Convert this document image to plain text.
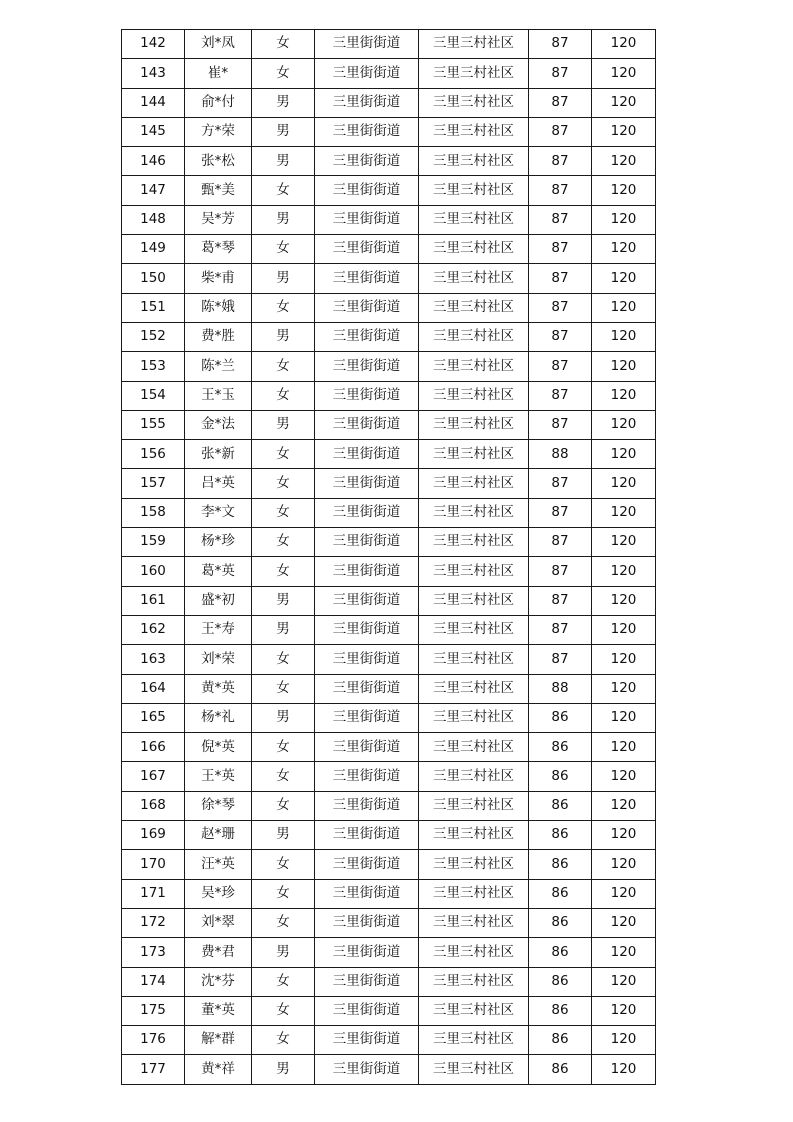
142	刘*凤	女	三里街街道	三里三村社区	87	120
143	崔*	女	三里街街道	三里三村社区	87	120
144	俞*付	男	三里街街道	三里三村社区	87	120
145	方*荣	男	三里街街道	三里三村社区	87	120
146	张*松	男	三里街街道	三里三村社区	87	120
147	甄*美	女	三里街街道	三里三村社区	87	120
148	吴*芳	男	三里街街道	三里三村社区	87	120
149	葛*琴	女	三里街街道	三里三村社区	87	120
150	柴*甫	男	三里街街道	三里三村社区	87	120
151	陈*娥	女	三里街街道	三里三村社区	87	120
152	费*胜	男	三里街街道	三里三村社区	87	120
153	陈*兰	女	三里街街道	三里三村社区	87	120
154	王*玉	女	三里街街道	三里三村社区	87	120
155	金*法	男	三里街街道	三里三村社区	87	120
156	张*新	女	三里街街道	三里三村社区	88	120
157	吕*英	女	三里街街道	三里三村社区	87	120
158	李*文	女	三里街街道	三里三村社区	87	120
159	杨*珍	女	三里街街道	三里三村社区	87	120
160	葛*英	女	三里街街道	三里三村社区	87	120
161	盛*初	男	三里街街道	三里三村社区	87	120
162	王*寿	男	三里街街道	三里三村社区	87	120
163	刘*荣	女	三里街街道	三里三村社区	87	120
164	黄*英	女	三里街街道	三里三村社区	88	120
165	杨*礼	男	三里街街道	三里三村社区	86	120
166	倪*英	女	三里街街道	三里三村社区	86	120
167	王*英	女	三里街街道	三里三村社区	86	120
168	徐*琴	女	三里街街道	三里三村社区	86	120
169	赵*珊	男	三里街街道	三里三村社区	86	120
170	汪*英	女	三里街街道	三里三村社区	86	120
171	吴*珍	女	三里街街道	三里三村社区	86	120
172	刘*翠	女	三里街街道	三里三村社区	86	120
173	费*君	男	三里街街道	三里三村社区	86	120
174	沈*芬	女	三里街街道	三里三村社区	86	120
175	董*英	女	三里街街道	三里三村社区	86	120
176	解*群	女	三里街街道	三里三村社区	86	120
177	黄*祥	男	三里街街道	三里三村社区	86	120
